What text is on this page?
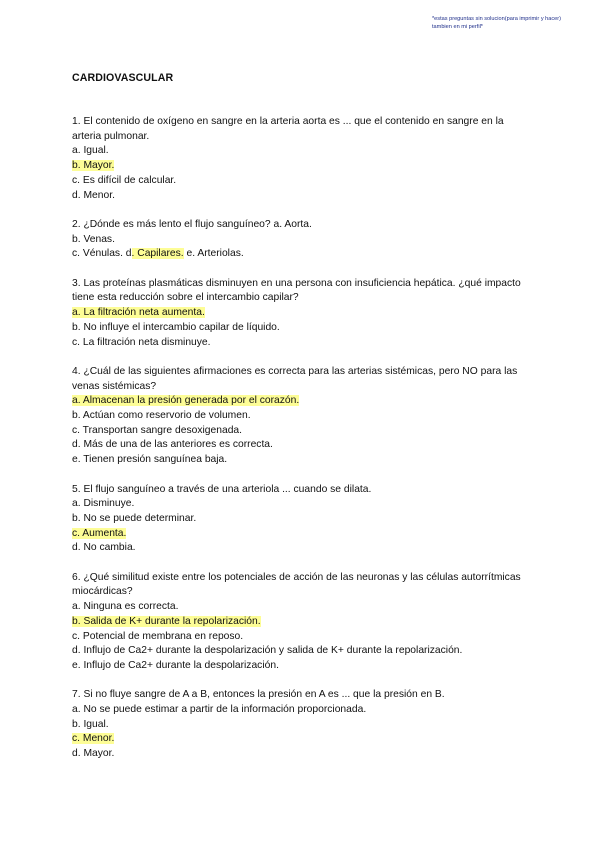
*estas preguntas sin solucion(para imprimir y hacer) tambien en mi perfil*
CARDIOVASCULAR
1. El contenido de oxígeno en sangre en la arteria aorta es ... que el contenido en sangre en la arteria pulmonar.
a. Igual.
b. Mayor.
c. Es difícil de calcular.
d. Menor.
2. ¿Dónde es más lento el flujo sanguíneo? a. Aorta.
b. Venas.
c. Vénulas. d. Capilares. e. Arteriolas.
3. Las proteínas plasmáticas disminuyen en una persona con insuficiencia hepática. ¿qué impacto tiene esta reducción sobre el intercambio capilar?
a. La filtración neta aumenta.
b. No influye el intercambio capilar de líquido.
c. La filtración neta disminuye.
4. ¿Cuál de las siguientes afirmaciones es correcta para las arterias sistémicas, pero NO para las venas sistémicas?
a. Almacenan la presión generada por el corazón.
b. Actúan como reservorio de volumen.
c. Transportan sangre desoxigenada.
d. Más de una de las anteriores es correcta.
e. Tienen presión sanguínea baja.
5. El flujo sanguíneo a través de una arteriola ... cuando se dilata.
a. Disminuye.
b. No se puede determinar.
c. Aumenta.
d. No cambia.
6. ¿Qué similitud existe entre los potenciales de acción de las neuronas y las células autorrítmicas miocárdicas?
a. Ninguna es correcta.
b. Salida de K+ durante la repolarización.
c. Potencial de membrana en reposo.
d. Influjo de Ca2+ durante la despolarización y salida de K+ durante la repolarización.
e. Influjo de Ca2+ durante la despolarización.
7. Si no fluye sangre de A a B, entonces la presión en A es ... que la presión en B.
a. No se puede estimar a partir de la información proporcionada.
b. Igual.
c. Menor.
d. Mayor.
